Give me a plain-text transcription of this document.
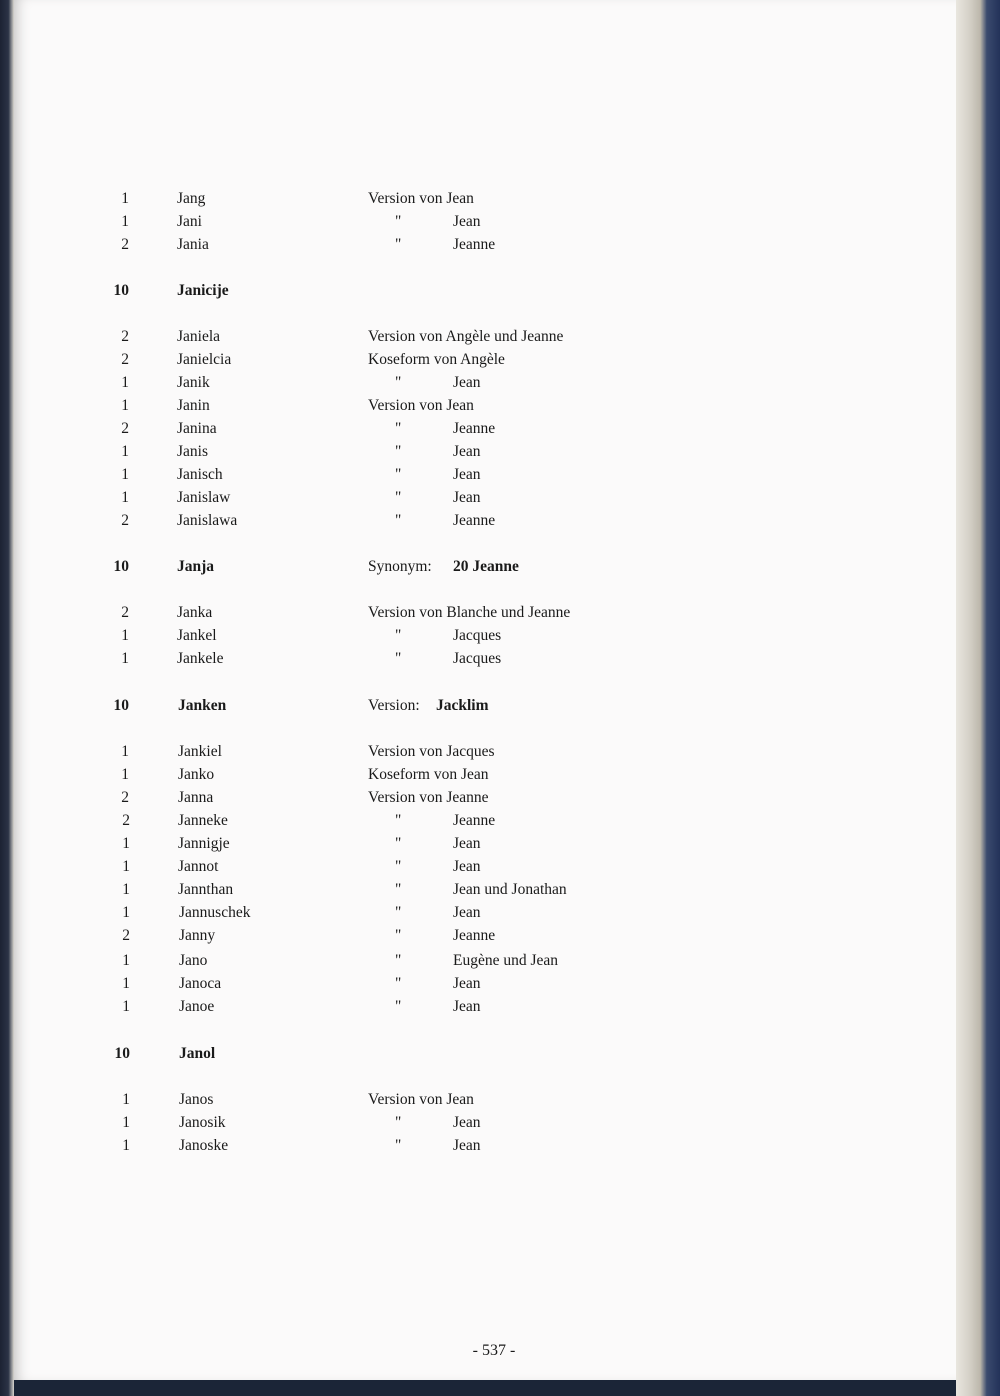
1	Jang	Version von Jean
1	Jani	"	Jean
2	Jania	"	Jeanne
10	Janicije
2	Janiela	Version von Angèle und Jeanne
2	Janielcia	Koseform von Angèle
1	Janik	"	Jean
1	Janin	Version von Jean
2	Janina	"	Jeanne
1	Janis	"	Jean
1	Janisch	"	Jean
1	Janislaw	"	Jean
2	Janislawa	"	Jeanne
10	Janja	Synonym: 20 Jeanne
2	Janka	Version von Blanche und Jeanne
1	Jankel	"	Jacques
1	Jankele	"	Jacques
10	Janken	Version: Jacklim
1	Jankiel	Version von Jacques
1	Janko	Koseform von Jean
2	Janna	Version von Jeanne
2	Janneke	"	Jeanne
1	Jannigje	"	Jean
1	Jannot	"	Jean
1	Jannthan	"	Jean und Jonathan
1	Jannuschek	"	Jean
2	Janny	"	Jeanne
1	Jano	"	Eugène und Jean
1	Janoca	"	Jean
1	Janoe	"	Jean
10	Janol
1	Janos	Version von Jean
1	Janosik	"	Jean
1	Janoske	"	Jean
- 537 -
